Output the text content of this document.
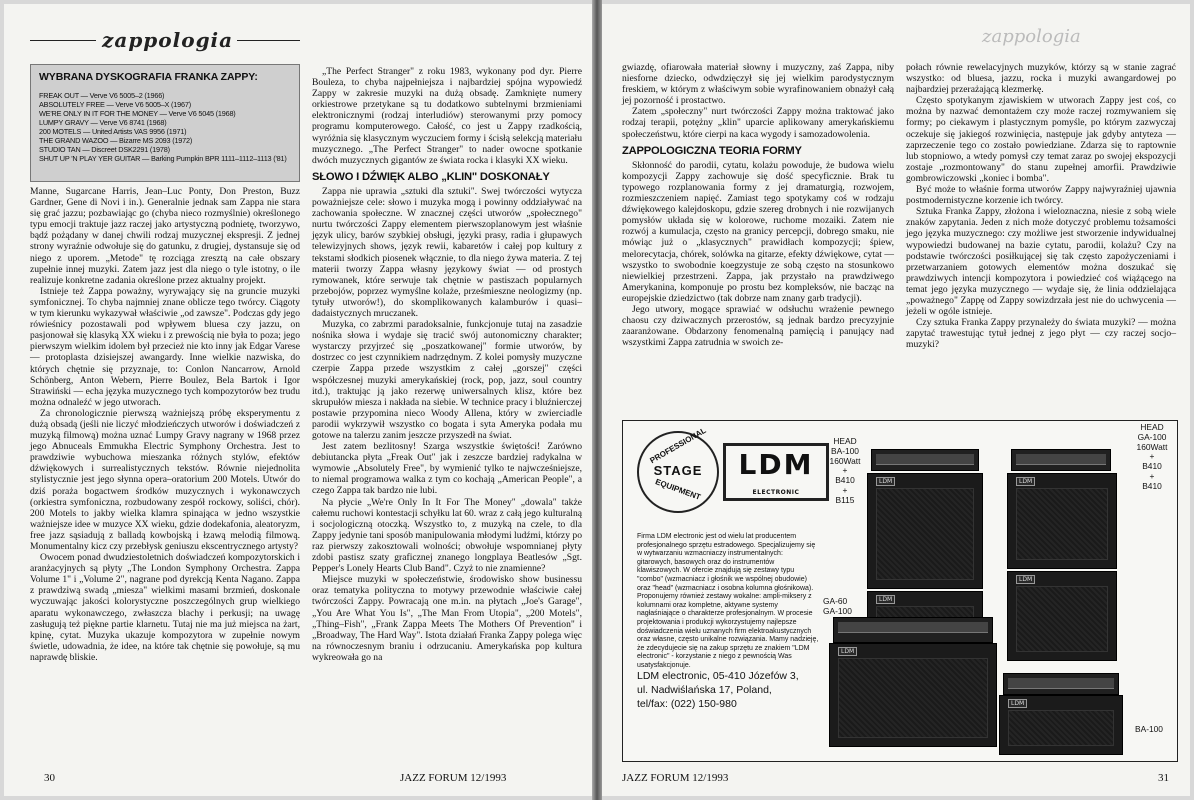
zappologia
WYBRANA DYSKOGRAFIA FRANKA ZAPPY:
FREAK OUT — Verve V6 5005–2 (1966)
ABSOLUTELY FREE — Verve V6 5005–X (1967)
WE'RE ONLY IN IT FOR THE MONEY — Verve V6 5045 (1968)
LUMPY GRAVY — Verve V6 8741 (1968)
200 MOTELS — United Artists VAS 9956 (1971)
THE GRAND WAZOO — Bizarre MS 2093 (1972)
STUDIO TAN — Discreet DSK2291 (1978)
SHUT UP 'N PLAY YER GUITAR — Barking Pumpkin BPR 1111–1112–1113 ('81)

Manne, Sugarcane Harris, Jean–Luc Ponty, Don Preston, Buzz Gardner, Gene di Novi i in.). Generalnie jednak sam Zappa nie stara się grać jazzu; pozbawiając go (chyba nieco rozmyślnie) określonego typu emocji traktuje jazz raczej jako artystyczną podnietę, tworzywo, bądź pożądany w danej chwili rodzaj muzycznej ekspresji. Z jednej strony wyraźnie odwołuje się do gatunku, z drugiej, dystansuje się od niego z uporem. „Metode" tę rozciąga zresztą na całe obszary zupełnie innej muzyki. Zatem jazz jest dla niego o tyle istotny, o ile realizuje konkretne zadania określone przez aktualny projekt.

Istnieje też Zappa poważny, wyrywający się na gruncie muzyki symfonicznej. To chyba najmniej znane oblicze tego twórcy. Ciągoty w tym kierunku wykazywał właściwie „od zawsze". Podczas gdy jego rówieśnicy pozostawali pod wpływem bluesa czy jazzu, on pasjonował się klasyką XX wieku i z prewością nie była to poza; jego pierwszym wielkim idolem był przecież nie kto inny jak Edgar Varese — protoplasta dzisiejszej awangardy. Inne wielkie nazwiska, do których chętnie się przyznaje, to: Conlon Nancarrow, Arnold Schönberg, Anton Webern, Pierre Boulez, Bela Bartok i Igor Strawiński — echa języka muzycznego tych kompozytorów bez trudu można odnaleźć w jego utworach.

Za chronologicznie pierwszą ważniejszą próbę eksperymentu z dużą obsadą (jeśli nie liczyć młodzieńczych utworów i doświadczeń z muzyką filmową) można uznać Lumpy Gravy nagrany w 1968 przez jego Abnuceals Emmukha Electric Symphony Orchestra. Jest to prawdziwie wybuchowa mieszanka różnych stylów, efektów dźwiękowych i surrealistycznych tekstów. Równie niejednolita stylistycznie jest jego słynna opera–oratorium 200 Motels. Utwór do dziś poraża bogactwem środków muzycznych i wykonawczych (orkiestra symfoniczna, rozbudowany zespół rockowy, soliści, chór). 200 Motels to jakby wielka klamra spinająca w jedno wszystkie ważniejsze idee w muzyce XX wieku, gdzie dodekafonia, aleatoryzm, free jazz sąsiadują z balladą kowbojską i łzawą melodią filmową. Monumentalny kicz czy przebłysk geniuszu ekscentrycznego artysty?

Owocem ponad dwudziestoletnich doświadczeń kompozytorskich i aranżacyjnych są płyty „The London Symphony Orchestra. Zappa Volume 1" i „Volume 2", nagrane pod dyrekcją Kenta Nagano. Zappa z prawdziwą swadą „miesza" wielkimi masami brzmień, doskonale wyczuwając jakości kolorystyczne poszczególnych grup wielkiego aparatu wykonawczego, zwłaszcza blachy i perkusji; na uwagę zasługują też piękne partie klarnetu. Tutaj nie ma już miejsca na żart, kpinę, cytat. Muzyka ukazuje kompozytora w zupełnie nowym świetle, udowadnia, że idee, na które tak chętnie się powołuje, są mu naprawdę bliskie.

„The Perfect Stranger" z roku 1983, wykonany pod dyr. Pierre Bouleza, to chyba najpełniejsza i najbardziej spójna wypowiedź Zappy w zakresie muzyki na dużą obsadę. Zamknięte numery orkiestrowe przetykane są tu dodatkowo subtelnymi brzmieniami elektronicznymi (rodzaj interludiów) sterowanymi przy pomocy programu komputerowego. Całość, co jest u Zappy rzadkością, wyróżnia się klasycznym wyczuciem formy i ścisłą selekcją materiału muzycznego. „The Perfect Stranger" to nader owocne spotkanie dwóch muzycznych gigantów ze świata rocka i klasyki XX wieku.

SŁOWO I DŹWIĘK ALBO „KLIN" DOSKONAŁY

Zappa nie uprawia „sztuki dla sztuki". Swej twórczości wytycza poważniejsze cele: słowo i muzyka mogą i powinny oddziaływać na zachowania społeczne. W znacznej części utworów „społecznego" nurtu twórczości Zappy elementem pierwszoplanowym jest właśnie język ulicy, barów szybkiej obsługi, języki prasy, radia i głupawych telewizyjnych shows, język rewii, kabaretów i całej pop kultury z tekstami słodkich piosenek włącznie, to dla niego żywa materia. Z tej materii tworzy Zappa własny językowy świat — od prostych rymowanek, które serwuje tak chętnie w pastiszach popularnych przebojów, poprzez wymyślne kolaże, prześmieszne neologizmy (np. tytuły utworów!), do skomplikowanych kalamburów i quasi–dadaistycznych mruczanek.

Muzyka, co zabrzmi paradoksalnie, funkcjonuje tutaj na zasadzie nośnika słowa i wydaje się tracić swój autonomiczny charakter; wystarczy przyjrzeć się „poszatkowanej" formie utworów, by dostrzec co jest czynnikiem nadrzędnym. Z kolei pomysły muzyczne czerpie Zappa przede wszystkim z całej „gorszej" części współczesnej muzyki amerykańskiej (rock, pop, jazz, soul country itd.), traktując ją jako rezerwę uniwersalnych klisz, które bez skrupułów miesza i nakłada na siebie. W technice pracy i bluźnierczej postawie przypomina nieco Woody Allena, który w zwierciadle parodii wykrzywił wszystko co bogata i syta Ameryka podała mu gotowe na talerzu zanim jeszcze przyszedł na świat.

Jest zatem bezlitosny! Szarga wszystkie świętości! Zarówno debiutancka płyta „Freak Out" jak i zeszcze bardziej radykalna w wymowie „Absolutely Free", by wymienić tylko te najwcześniejsze, to niemal programowa walka z tym co kochają „American People", a czego Zappa tak bardzo nie lubi.

Na płycie „We're Only In It For The Money" „dowala" także całemu ruchowi kontestacji schyłku lat 60. wraz z całą jego kulturalną i socjologiczną otoczką. Wszystko to, z muzyką na czele, to dla Zappy jedynie tani sposób manipulowania młodymi ludźmi, którzy po raz pierwszy zakosztowali wolności; obwołuje wspomnianej płyty zdobi pastisz szaty graficznej znanego longplaya Beatlesów „Sgt. Pepper's Lonely Hearts Club Band". Czyż to nie znamienne?

Miejsce muzyki w społeczeństwie, środowisko show businessu oraz tematyka polityczna to motywy przewodnie właściwie całej twórczości Zappy. Powracają one m.in. na płytach „Joe's Garage", „You Are What You Is", „The Man From Utopia", „200 Motels", „Thing–Fish", „Frank Zappa Meets The Mothers Of Prevention" i „Broadway, The Hard Way". Istota działań Franka Zappy polega więc na równoczesnym braniu i odrzucaniu. Amerykańska pop kultura wykreowała go na

30	JAZZ FORUM 12/1993
zappologia

gwiazdę, ofiarowała materiał słowny i muzyczny, zaś Zappa, niby niesforne dziecko, odwdzięczył się jej wielkim parodystycznym freskiem, w którym z właściwym sobie wyrafinowaniem obnażył całą jej pozorność i prostactwo.

Zatem „społeczny" nurt twórczości Zappy można traktować jako rodzaj terapii, potężny „klin" uparcie aplikowany amerykańskiemu społeczeństwu, które cierpi na kaca wygody i samozadowolenia.

ZAPPOLOGICZNA TEORIA FORMY

Skłonność do parodii, cytatu, kolażu powoduje, że budowa wielu kompozycji Zappy zachowuje się dość specyficznie. Brak tu typowego rozplanowania formy z jej dramaturgią, rozwojem, rozmieszczeniem napięć. Zamiast tego spotykamy coś w rodzaju dźwiękowego kalejdoskopu, gdzie szereg drobnych i nie rozwijanych pomysłów układa się w kolorowe, ruchome mozaiki. Zatem nie rozwój a kumulacja, często na granicy percepcji, dobrego smaku, nie mówiąc już o „klasycznych" prawidłach kompozycji; śpiew, melorecytacja, chórek, solówka na gitarze, efekty dźwiękowe, cytat — wszystko to swobodnie koegzystuje ze sobą często na stosunkowo niewielkiej przestrzeni. Zappa, jak przystało na prawdziwego Amerykanina, komponuje po prostu bez kompleksów, nie bacząc na europejskie dziedzictwo (tak dobrze nam znany garb tradycji).

Jego utwory, mogące sprawiać w odsłuchu wrażenie pewnego chaosu czy dziwacznych przerostów, są jednak bardzo precyzyjnie zaaranżowane. Obdarzony fenomenalną pamięcią i panujący nad wszystkimi Zappa zatrudnia w swoich ze-

połach równie rewelacyjnych muzyków, którzy są w stanie zagrać wszystko: od bluesa, jazzu, rocka i muzyki awangardowej po najbardziej przerażającą klezmerkę.

Często spotykanym zjawiskiem w utworach Zappy jest coś, co można by nazwać demontażem czy może raczej rozmywaniem się formy; po ciekawym i plastycznym pomyśle, po którym zazwyczaj oczekuje się jakiegoś rozwinięcia, następuje jak gdyby antyteza — zaprzeczenie tego co zostało powiedziane. Zdarza się to raptownie lub stopniowo, a wtedy pomysł czy temat zaraz po swojej ekspozycji zostaje „rozmontowany" do stanu zupełnej amorfii. Prawdziwie gombrowiczowski „koniec i bomba".

Być może to właśnie forma utworów Zappy najwyraźniej ujawnia postmodernistyczne korzenie ich twórcy.

Sztuka Franka Zappy, złożona i wieloznaczna, niesie z sobą wiele znaków zapytania. Jeden z nich może dotyczyć problemu tożsamości jego języka muzycznego: czy możliwe jest stworzenie indywidualnej wypowiedzi budowanej na bazie cytatu, parodii, kolażu? Czy na podstawie twórczości posiłkującej się tak często zapożyczeniami i przetwarzaniem gotowych elementów można doszukać się prawdziwych intencji kompozytora i powiedzieć coś wiążącego na temat jego języka muzycznego — wydaje się, że linia oddzielająca „poważnego" Zappę od Zappy sowizdrzała jest nie do uchwycenia — jeżeli w ogóle istnieje.

Czy sztuka Franka Zappy przynależy do świata muzyki? — można zapytać trawestując tytuł jednej z jego płyt — czy raczej socjo–muzyki?

PROFESSIONAL
STAGE
EQUIPMENT
LDM
ELECTRONIC
Firma LDM electronic jest od wielu lat producentem profesjonalnego sprzętu estradowego. Specjalizujemy się w wytwarzaniu wzmacniaczy instrumentalnych: gitarowych, basowych oraz do instrumentów klawiszowych. W ofercie znajdują się zestawy typu "combo" (wzmacniacz i głośnik we wspólnej obudowie) oraz "head" (wzmacniacz i osobna kolumna głośnikowa). Proponujemy również zestawy wokalne: ampli-miksery z kolumnami oraz kompletne, aktywne systemy nagłaśniające o charakterze profesjonalnym. W procesie projektowania i produkcji wykorzystujemy najlepsze doświadczenia wielu uznanych firm elektroakustycznych oraz własne, często unikalne rozwiązania. Mamy nadzieję, że zdecydujecie się na zakup sprzętu ze znakiem "LDM electronic" - korzystanie z niego z pewnością Was usatysfakcjonuje.
LDM electronic, 05-410 Józefów 3,
ul. Nadwiślańska 17, Poland,
tel/fax: (022) 150-980
LDM
LDM
LDM
LDM
LDM
LDM
HEAD
BA-100
160Watt
+
B410
+
B115
HEAD
GA-100
160Watt
+
B410
+
B410
GA-60
GA-100
BA-100
JAZZ FORUM 12/1993	31
